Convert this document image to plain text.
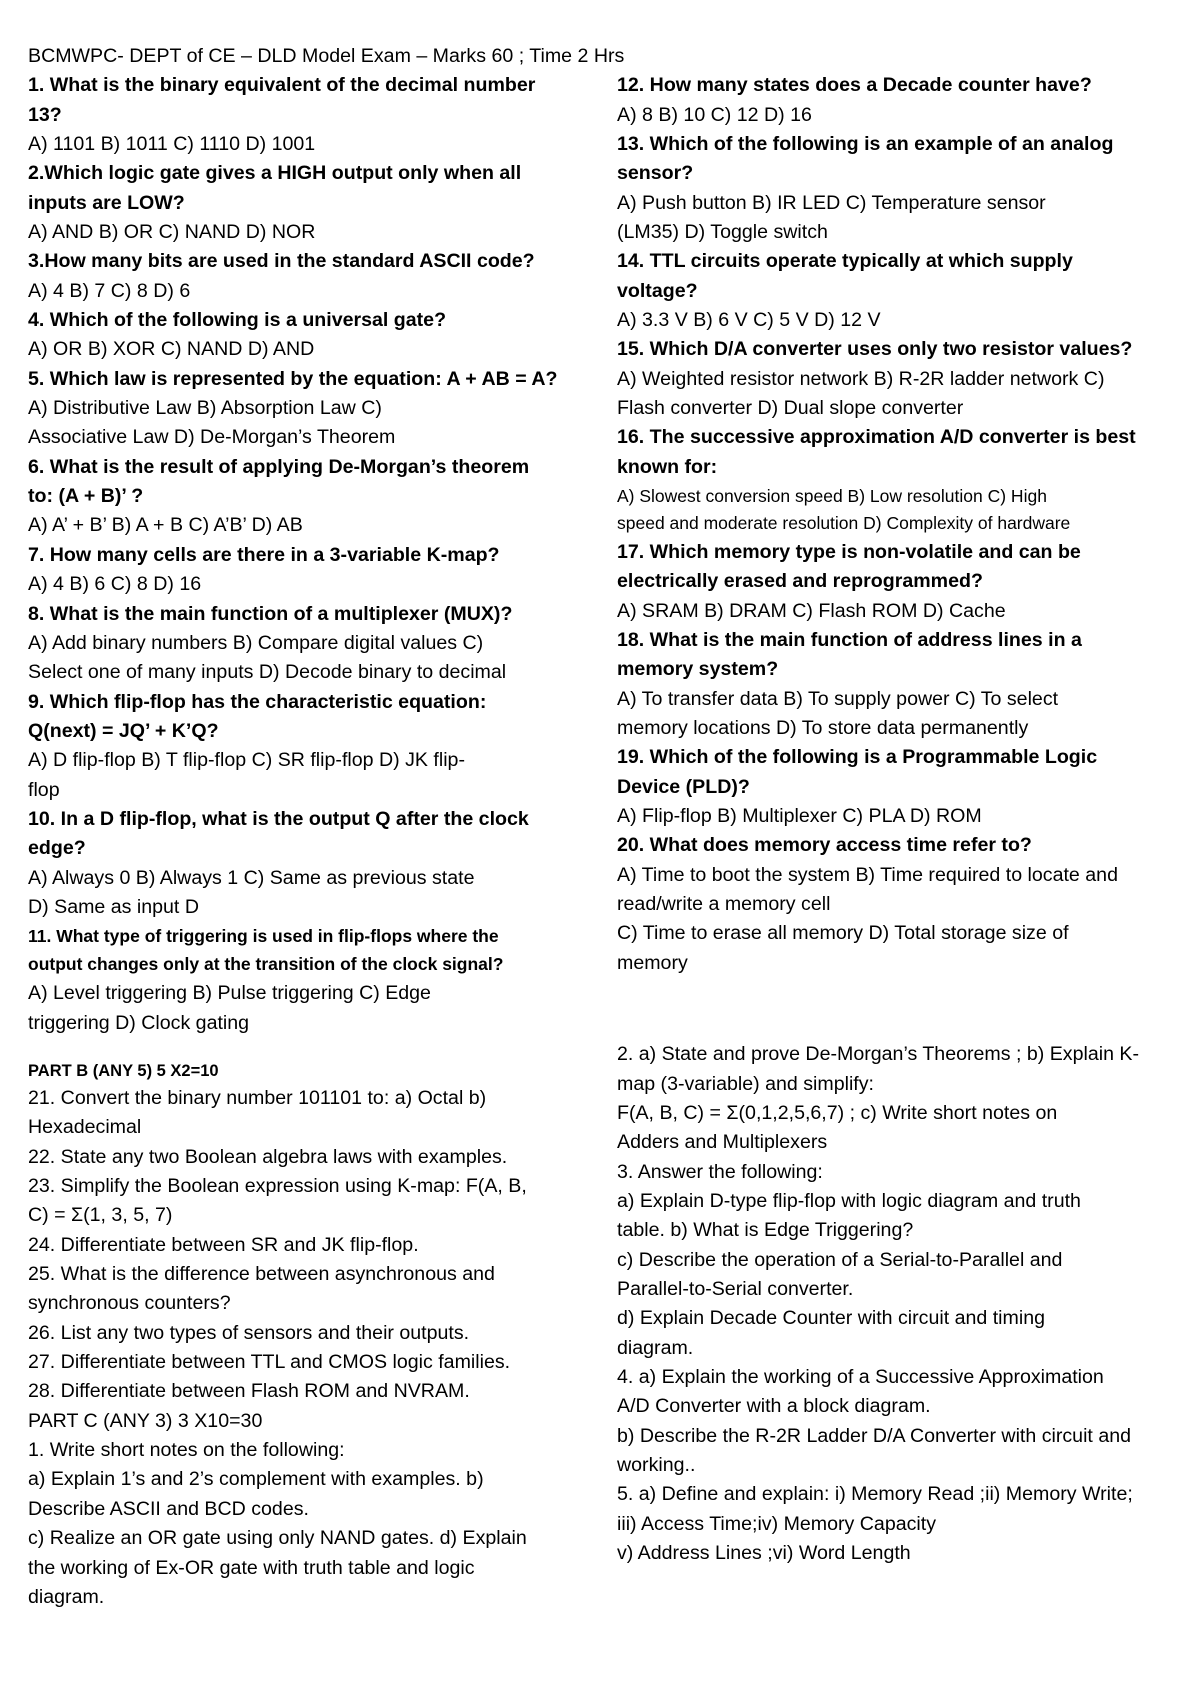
BCMWPC- DEPT of CE – DLD Model Exam – Marks 60 ; Time 2 Hrs
1. What is the binary equivalent of the decimal number
13?
A) 1101 B) 1011 C) 1110 D) 1001
2.Which logic gate gives a HIGH output only when all
inputs are LOW?
A) AND B) OR C) NAND D) NOR
3.How many bits are used in the standard ASCII code?
A) 4 B) 7 C) 8 D) 6
4. Which of the following is a universal gate?
A) OR B) XOR C) NAND D) AND
5. Which law is represented by the equation: A + AB = A?
A) Distributive Law B) Absorption Law C)
Associative Law D) De-Morgan’s Theorem
6. What is the result of applying De-Morgan’s theorem
to: (A + B)’ ?
A) A’ + B’ B) A + B C) A’B’ D) AB
7. How many cells are there in a 3-variable K-map?
A) 4 B) 6 C) 8 D) 16
8. What is the main function of a multiplexer (MUX)?
A) Add binary numbers B) Compare digital values C)
Select one of many inputs D) Decode binary to decimal
9. Which flip-flop has the characteristic equation:
Q(next) = JQ’ + K’Q?
A) D flip-flop B) T flip-flop C) SR flip-flop D) JK flip-
flop
10. In a D flip-flop, what is the output Q after the clock
edge?
A) Always 0 B) Always 1 C) Same as previous state
D) Same as input D
11. What type of triggering is used in flip-flops where the
output changes only at the transition of the clock signal?
A) Level triggering B) Pulse triggering C) Edge
triggering D) Clock gating
PART B (ANY 5) 5 X2=10
21. Convert the binary number 101101 to: a) Octal b)
Hexadecimal
22. State any two Boolean algebra laws with examples.
23. Simplify the Boolean expression using K-map: F(A, B,
C) = Σ(1, 3, 5, 7)
24. Differentiate between SR and JK flip-flop.
25. What is the difference between asynchronous and
synchronous counters?
26. List any two types of sensors and their outputs.
27. Differentiate between TTL and CMOS logic families.
28. Differentiate between Flash ROM and NVRAM.
PART C (ANY 3) 3 X10=30
1. Write short notes on the following:
a) Explain 1’s and 2’s complement with examples. b)
Describe ASCII and BCD codes.
c) Realize an OR gate using only NAND gates. d) Explain
the working of Ex-OR gate with truth table and logic
diagram.
12. How many states does a Decade counter have?
A) 8 B) 10 C) 12 D) 16
13. Which of the following is an example of an analog
sensor?
A) Push button B) IR LED C) Temperature sensor
(LM35) D) Toggle switch
14. TTL circuits operate typically at which supply
voltage?
A) 3.3 V B) 6 V C) 5 V D) 12 V
15. Which D/A converter uses only two resistor values?
A) Weighted resistor network B) R-2R ladder network C)
Flash converter D) Dual slope converter
16. The successive approximation A/D converter is best
known for:
A) Slowest conversion speed B) Low resolution C) High
speed and moderate resolution D) Complexity of hardware
17. Which memory type is non-volatile and can be
electrically erased and reprogrammed?
A) SRAM B) DRAM C) Flash ROM D) Cache
18. What is the main function of address lines in a
memory system?
A) To transfer data B) To supply power C) To select
memory locations D) To store data permanently
19. Which of the following is a Programmable Logic
Device (PLD)?
A) Flip-flop B) Multiplexer C) PLA D) ROM
20. What does memory access time refer to?
A) Time to boot the system B) Time required to locate and
read/write a memory cell
C) Time to erase all memory D) Total storage size of
memory
2. a) State and prove De-Morgan’s Theorems ; b) Explain K-
map (3-variable) and simplify:
F(A, B, C) = Σ(0,1,2,5,6,7) ; c) Write short notes on
Adders and Multiplexers
3. Answer the following:
a) Explain D-type flip-flop with logic diagram and truth
table. b) What is Edge Triggering?
c) Describe the operation of a Serial-to-Parallel and
Parallel-to-Serial converter.
d) Explain Decade Counter with circuit and timing
diagram.
4. a) Explain the working of a Successive Approximation
A/D Converter with a block diagram.
b) Describe the R-2R Ladder D/A Converter with circuit and
working..
5. a) Define and explain: i) Memory Read ;ii) Memory Write;
iii) Access Time;iv) Memory Capacity
v) Address Lines ;vi) Word Length
